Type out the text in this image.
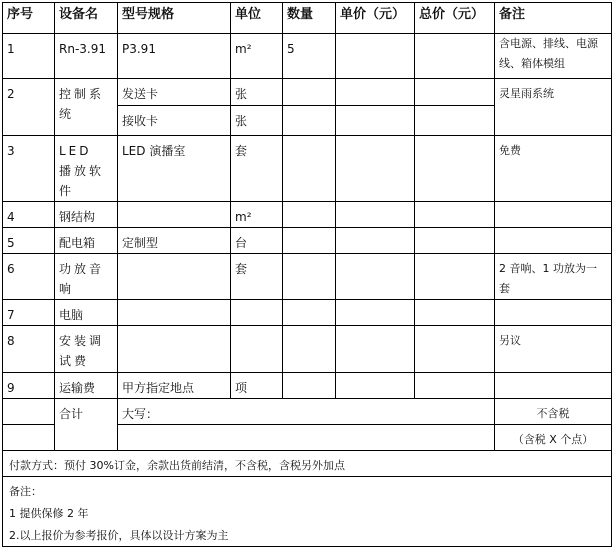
序号	设备名	型号规格	单位	数量	单价（元）	总价（元）	备注
1	Rn-3.91	P3.91	m²	5			含电源、排线、电源线、箱体模组
2	控制系统	发送卡	张				灵星雨系统
		接收卡	张				
3	LED 播放软件	LED 演播室	套				免费
4	钢结构		m²				
5	配电箱	定制型	台				
6	功放音响		套				2 音响、1 功放为一套
7	电脑						
8	安装调试费						另议
9	运输费	甲方指定地点	项				
	合计	大写：					不含税
							（含税 X 个点）
付款方式：预付 30%订金，余款出货前结清，不含税，含税另外加点							

备注：

1 提供保修 2 年

2.以上报价为参考报价，具体以设计方案为主							
